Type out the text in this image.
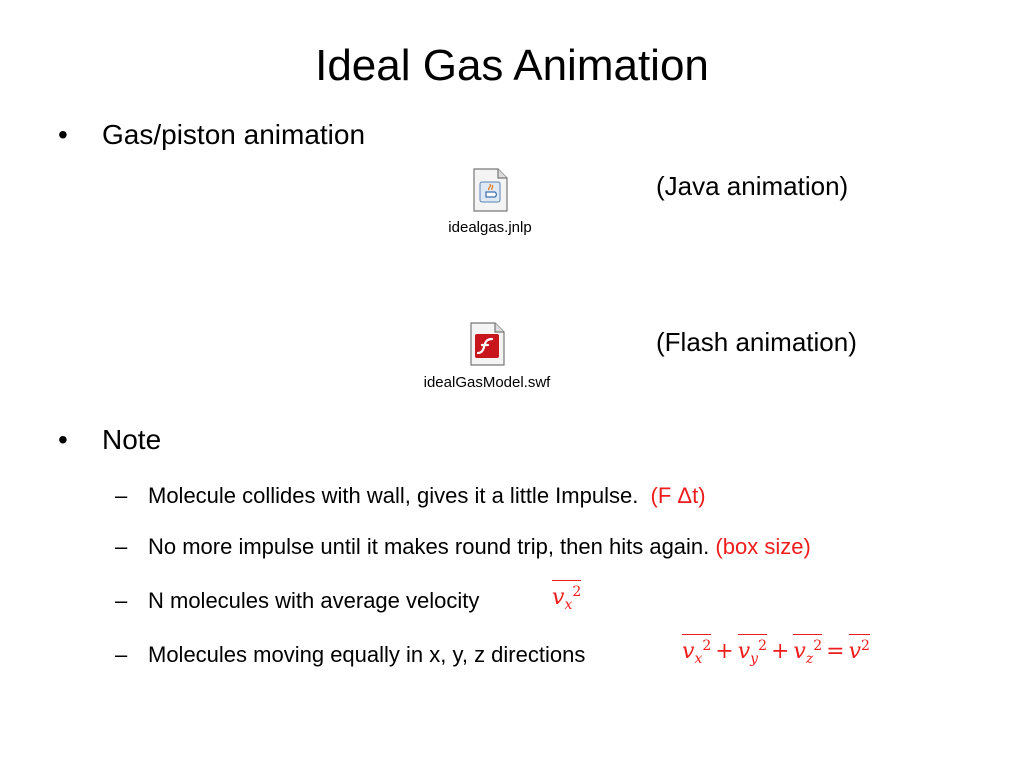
Ideal Gas Animation
• Gas/piston animation
idealgas.jnlp
(Java animation)
idealGasModel.swf
(Flash animation)
• Note
– Molecule collides with wall, gives it a little Impulse. (F Δt)
– No more impulse until it makes round trip, then hits again. (box size)
– N molecules with average velocity	$v_x^2$
– Molecules moving equally in x, y, z directions	$v_x^2 + v_y^2 + v_z^2 = v^2$
